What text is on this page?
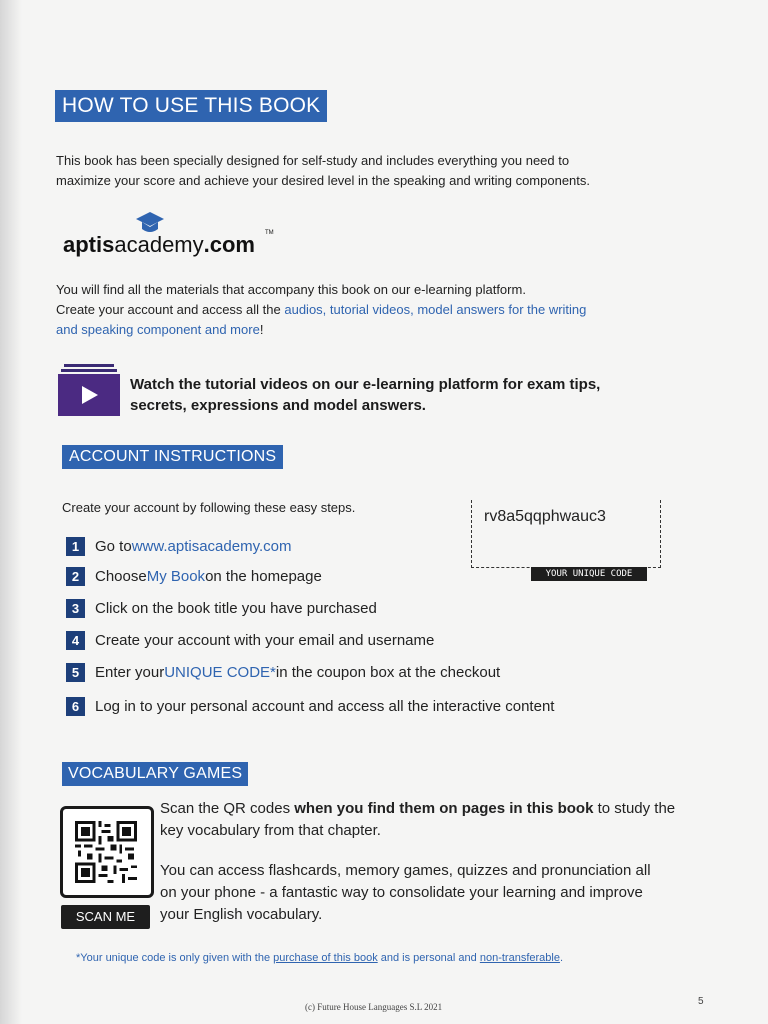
HOW TO USE THIS BOOK
This book has been specially designed for self-study and includes everything you need to
maximize your score and achieve your desired level in the speaking and writing components.
aptisacademy.com TM
You will find all the materials that accompany this book on our e-learning platform.
Create your account and access all the audios, tutorial videos, model answers for the writing
and speaking component and more!
Watch the tutorial videos on our e-learning platform for exam tips,
secrets, expressions and model answers.
ACCOUNT INSTRUCTIONS
Create your account by following these easy steps.
rv8a5qqphwauc3
YOUR UNIQUE CODE
1	Go to www.aptisacademy.com
2	Choose My Book on the homepage
3	Click on the book title you have purchased
4	Create your account with your email and username
5	Enter your UNIQUE CODE* in the coupon box at the checkout
6	Log in to your personal account and access all the interactive content
VOCABULARY GAMES
SCAN ME
Scan the QR codes when you find them on pages in this book to study the
key vocabulary from that chapter.
You can access flashcards, memory games, quizzes and pronunciation all
on your phone - a fantastic way to consolidate your learning and improve
your English vocabulary.
*Your unique code is only given with the purchase of this book and is personal and non-transferable.
(c) Future House Languages S.L 2021	5
